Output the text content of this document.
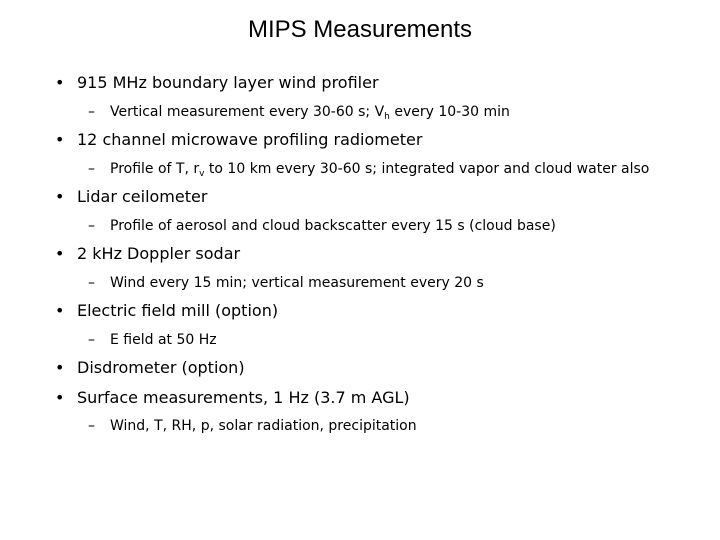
MIPS Measurements
• 915 MHz boundary layer wind profiler
– Vertical measurement every 30-60 s; $V_h$ every 10-30 min
• 12 channel microwave profiling radiometer
– Profile of T, $r_v$ to 10 km every 30-60 s; integrated vapor and cloud water also
• Lidar ceilometer
– Profile of aerosol and cloud backscatter every 15 s (cloud base)
• 2 kHz Doppler sodar
– Wind every 15 min; vertical measurement every 20 s
• Electric field mill (option)
– E field at 50 Hz
• Disdrometer (option)
• Surface measurements, 1 Hz (3.7 m AGL)
– Wind, T, RH, p, solar radiation, precipitation
